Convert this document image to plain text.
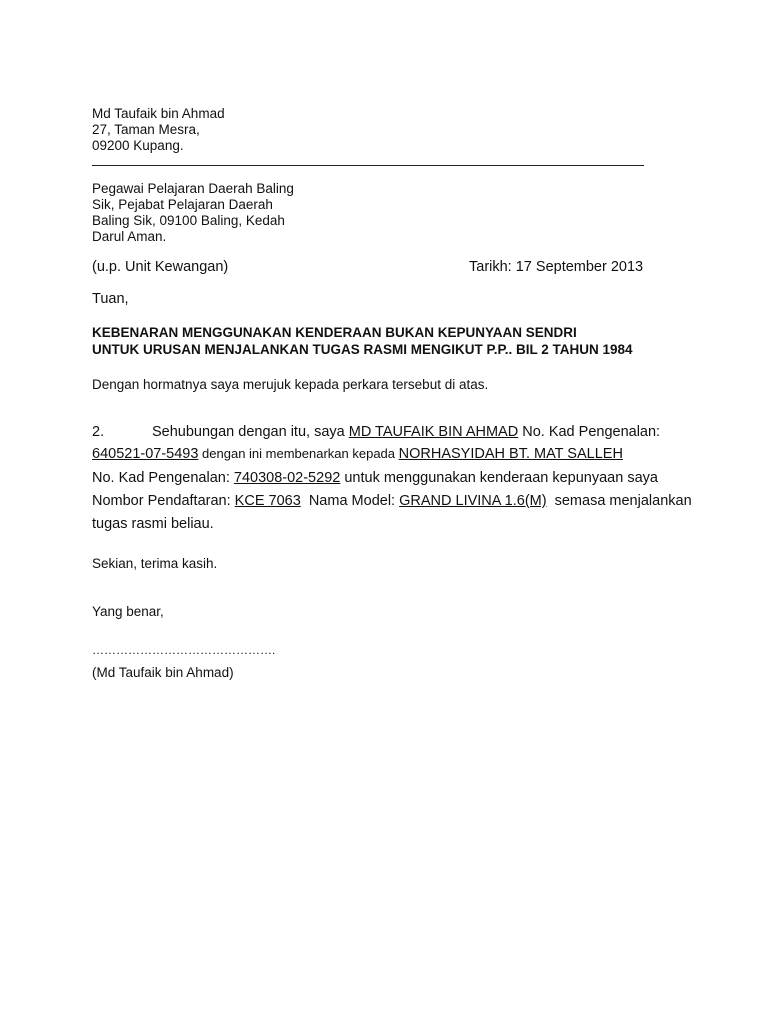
Md Taufaik bin Ahmad
27, Taman Mesra,
09200 Kupang.
Pegawai Pelajaran Daerah Baling
Sik, Pejabat Pelajaran Daerah
Baling Sik, 09100 Baling, Kedah
Darul Aman.
(u.p. Unit Kewangan)	Tarikh: 17 September 2013
Tuan,
KEBENARAN MENGGUNAKAN KENDERAAN BUKAN KEPUNYAAN SENDRI
UNTUK URUSAN MENJALANKAN TUGAS RASMI MENGIKUT P.P.. BIL 2 TAHUN 1984
Dengan hormatnya saya merujuk kepada perkara tersebut di atas.
2.	Sehubungan dengan itu, saya MD TAUFAIK BIN AHMAD No. Kad Pengenalan:
640521-07-5493 dengan ini membenarkan kepada NORHASYIDAH BT. MAT SALLEH
No. Kad Pengenalan: 740308-02-5292 untuk menggunakan kenderaan kepunyaan saya
Nombor Pendaftaran: KCE 7063  Nama Model: GRAND LIVINA 1.6(M)  semasa menjalankan
tugas rasmi beliau.
Sekian, terima kasih.
Yang benar,
……………………………………….
(Md Taufaik bin Ahmad)
